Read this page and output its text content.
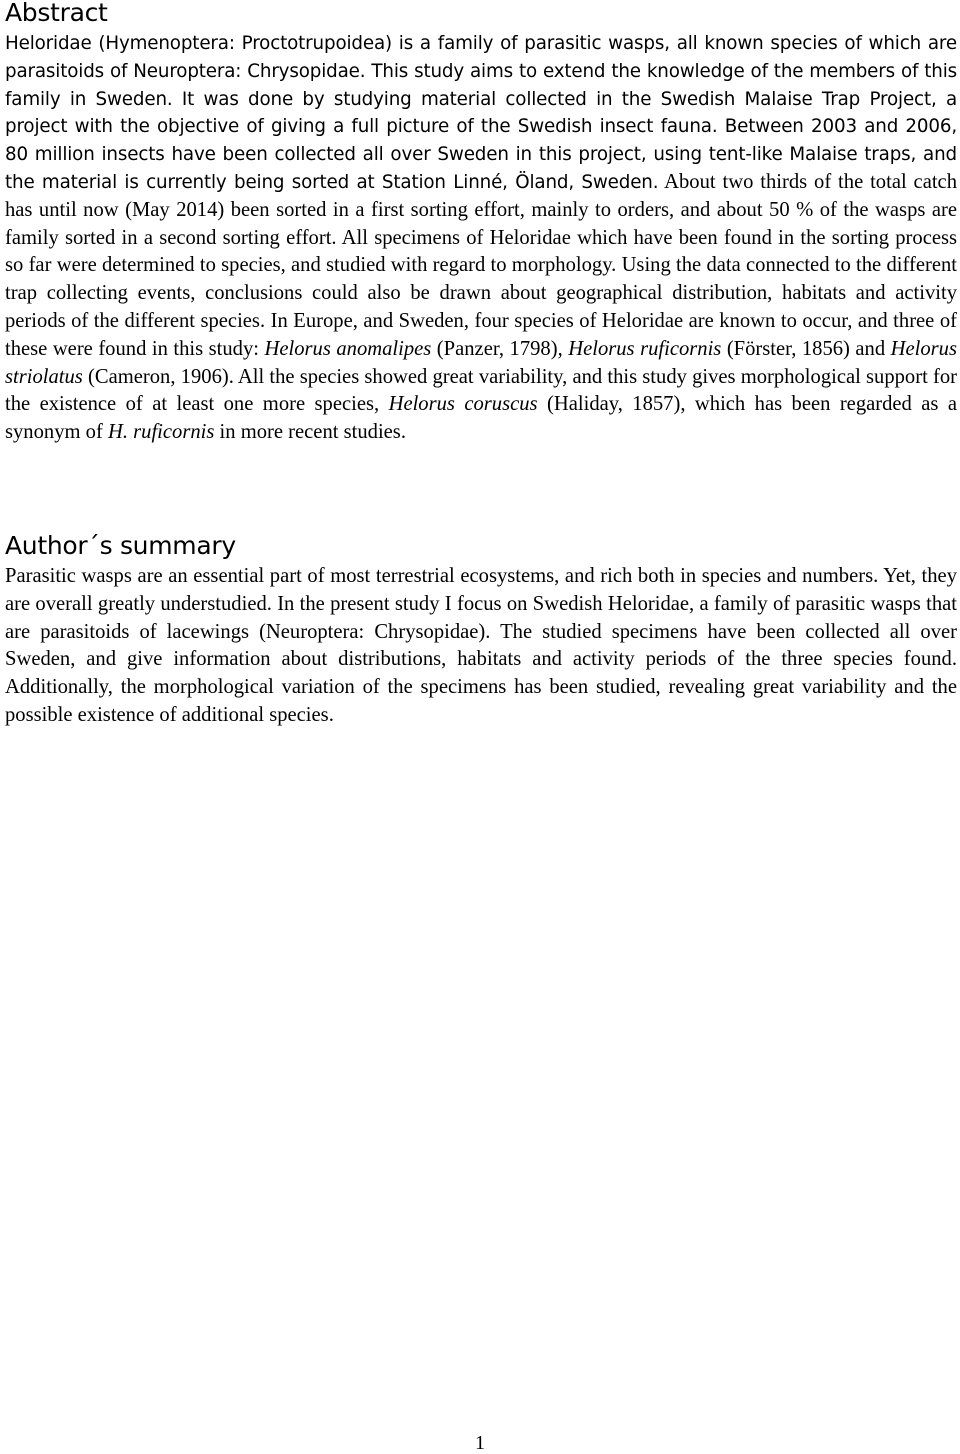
Abstract

Heloridae (Hymenoptera: Proctotrupoidea) is a family of parasitic wasps, all known species of which are parasitoids of Neuroptera: Chrysopidae. This study aims to extend the knowledge of the members of this family in Sweden. It was done by studying material collected in the Swedish Malaise Trap Project, a project with the objective of giving a full picture of the Swedish insect fauna. Between 2003 and 2006, 80 million insects have been collected all over Sweden in this project, using tent-like Malaise traps, and the material is currently being sorted at Station Linné, Öland, Sweden. About two thirds of the total catch has until now (May 2014) been sorted in a first sorting effort, mainly to orders, and about 50 % of the wasps are family sorted in a second sorting effort. All specimens of Heloridae which have been found in the sorting process so far were determined to species, and studied with regard to morphology. Using the data connected to the different trap collecting events, conclusions could also be drawn about geographical distribution, habitats and activity periods of the different species. In Europe, and Sweden, four species of Heloridae are known to occur, and three of these were found in this study: Helorus anomalipes (Panzer, 1798), Helorus ruficornis (Förster, 1856) and Helorus striolatus (Cameron, 1906). All the species showed great variability, and this study gives morphological support for the existence of at least one more species, Helorus coruscus (Haliday, 1857), which has been regarded as a synonym of H. ruficornis in more recent studies.

Author´s summary

Parasitic wasps are an essential part of most terrestrial ecosystems, and rich both in species and numbers. Yet, they are overall greatly understudied. In the present study I focus on Swedish Heloridae, a family of parasitic wasps that are parasitoids of lacewings (Neuroptera: Chrysopidae). The studied specimens have been collected all over Sweden, and give information about distributions, habitats and activity periods of the three species found. Additionally, the morphological variation of the specimens has been studied, revealing great variability and the possible existence of additional species.

1
